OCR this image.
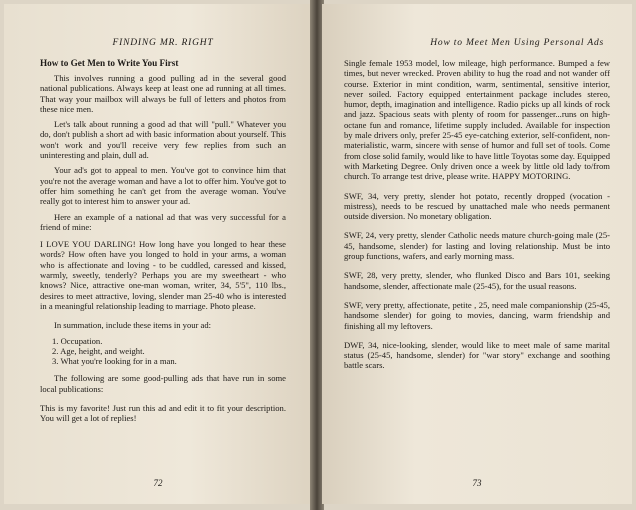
FINDING MR. RIGHT
How to Get Men to Write You First

This involves running a good pulling ad in the several good national publications. Always keep at least one ad running at all times. That way your mailbox will always be full of letters and photos from these nice men.

Let's talk about running a good ad that will "pull." Whatever you do, don't publish a short ad with basic information about yourself. This won't work and you'll receive very few replies from such an uninteresting and plain, dull ad.

Your ad's got to appeal to men. You've got to convince him that you're not the average woman and have a lot to offer him. You've got to offer him something he can't get from the average woman. You've really got to interest him to answer your ad.

Here an example of a national ad that was very successful for a friend of mine:

I LOVE YOU DARLING! How long have you longed to hear these words? How often have you longed to hold in your arms, a woman who is affectionate and loving - to be cuddled, caressed and kissed, warmly, sweetly, tenderly? Perhaps you are my sweetheart - who knows? Nice, attractive one-man woman, writer, 34, 5'5", 110 lbs., desires to meet attractive, loving, slender man 25-40 who is interested in a meaningful relationship leading to marriage. Photo please.

In summation, include these items in your ad:

1. Occupation.
2. Age, height, and weight.
3. What you're looking for in a man.

The following are some good-pulling ads that have run in some local publications:

This is my favorite! Just run this ad and edit it to fit your description. You will get a lot of replies!

72
How to Meet Men Using Personal Ads

Single female 1953 model, low mileage, high performance. Bumped a few times, but never wrecked. Proven ability to hug the road and not wander off course. Exterior in mint condition, warm, sentimental, sensitive interior, never soiled. Factory equipped entertainment package includes stereo, humor, depth, imagination and intelligence. Radio picks up all kinds of rock and jazz. Spacious seats with plenty of room for passenger...runs on high-octane fun and romance, lifetime supply included. Available for inspection by male drivers only, prefer 25-45 eye-catching exterior, self-confident, non-materialistic, warm, sincere with sense of humor and full set of tools. Come from close solid family, would like to have little Toyotas some day. Equipped with Marketing Degree. Only driven once a week by little old lady to/from church. To arrange test drive, please write. HAPPY MOTORING.

SWF, 34, very pretty, slender hot potato, recently dropped (vocation - mistress), needs to be rescued by unattached male who needs permanent outside diversion. No monetary obligation.

SWF, 24, very pretty, slender Catholic needs mature church-going male (25-45, handsome, slender) for lasting and loving relationship. Must be into group functions, wafers, and early morning mass.

SWF, 28, very pretty, slender, who flunked Disco and Bars 101, seeking handsome, slender, affectionate male (25-45), for the usual reasons.

SWF, very pretty, affectionate, petite , 25, need male companionship (25-45, handsome slender) for going to movies, dancing, warm friendship and finishing all my leftovers.

DWF, 34, nice-looking, slender, would like to meet male of same marital status (25-45, handsome, slender) for "war story" exchange and soothing battle scars.

73
